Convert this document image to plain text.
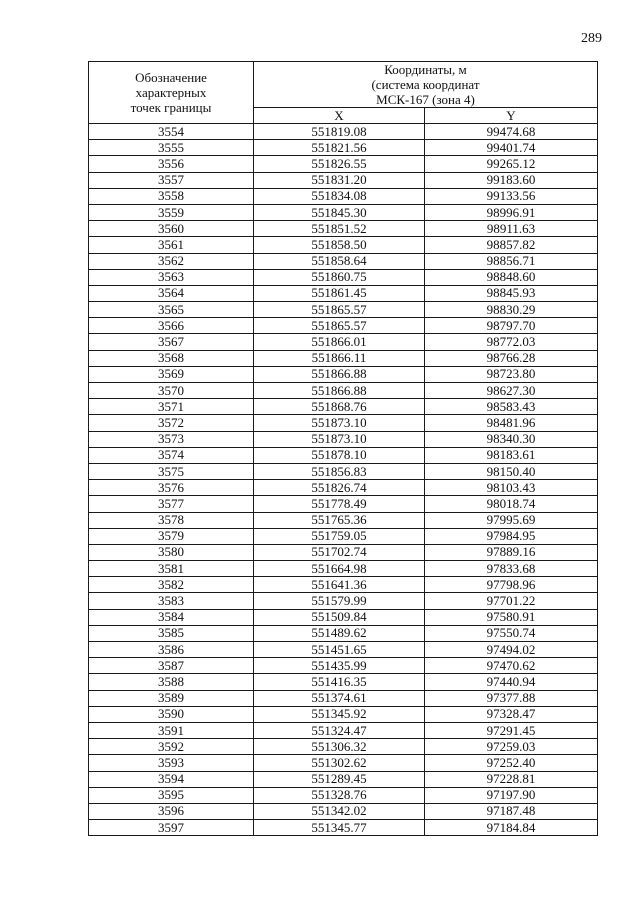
289
Обозначение
характерных
точек границы	Координаты, м
(система координат
МСК-167 (зона 4)	

	X	Y
3554	551819.08	99474.68
3555	551821.56	99401.74
3556	551826.55	99265.12
3557	551831.20	99183.60
3558	551834.08	99133.56
3559	551845.30	98996.91
3560	551851.52	98911.63
3561	551858.50	98857.82
3562	551858.64	98856.71
3563	551860.75	98848.60
3564	551861.45	98845.93
3565	551865.57	98830.29
3566	551865.57	98797.70
3567	551866.01	98772.03
3568	551866.11	98766.28
3569	551866.88	98723.80
3570	551866.88	98627.30
3571	551868.76	98583.43
3572	551873.10	98481.96
3573	551873.10	98340.30
3574	551878.10	98183.61
3575	551856.83	98150.40
3576	551826.74	98103.43
3577	551778.49	98018.74
3578	551765.36	97995.69
3579	551759.05	97984.95
3580	551702.74	97889.16
3581	551664.98	97833.68
3582	551641.36	97798.96
3583	551579.99	97701.22
3584	551509.84	97580.91
3585	551489.62	97550.74
3586	551451.65	97494.02
3587	551435.99	97470.62
3588	551416.35	97440.94
3589	551374.61	97377.88
3590	551345.92	97328.47
3591	551324.47	97291.45
3592	551306.32	97259.03
3593	551302.62	97252.40
3594	551289.45	97228.81
3595	551328.76	97197.90
3596	551342.02	97187.48
3597	551345.77	97184.84
